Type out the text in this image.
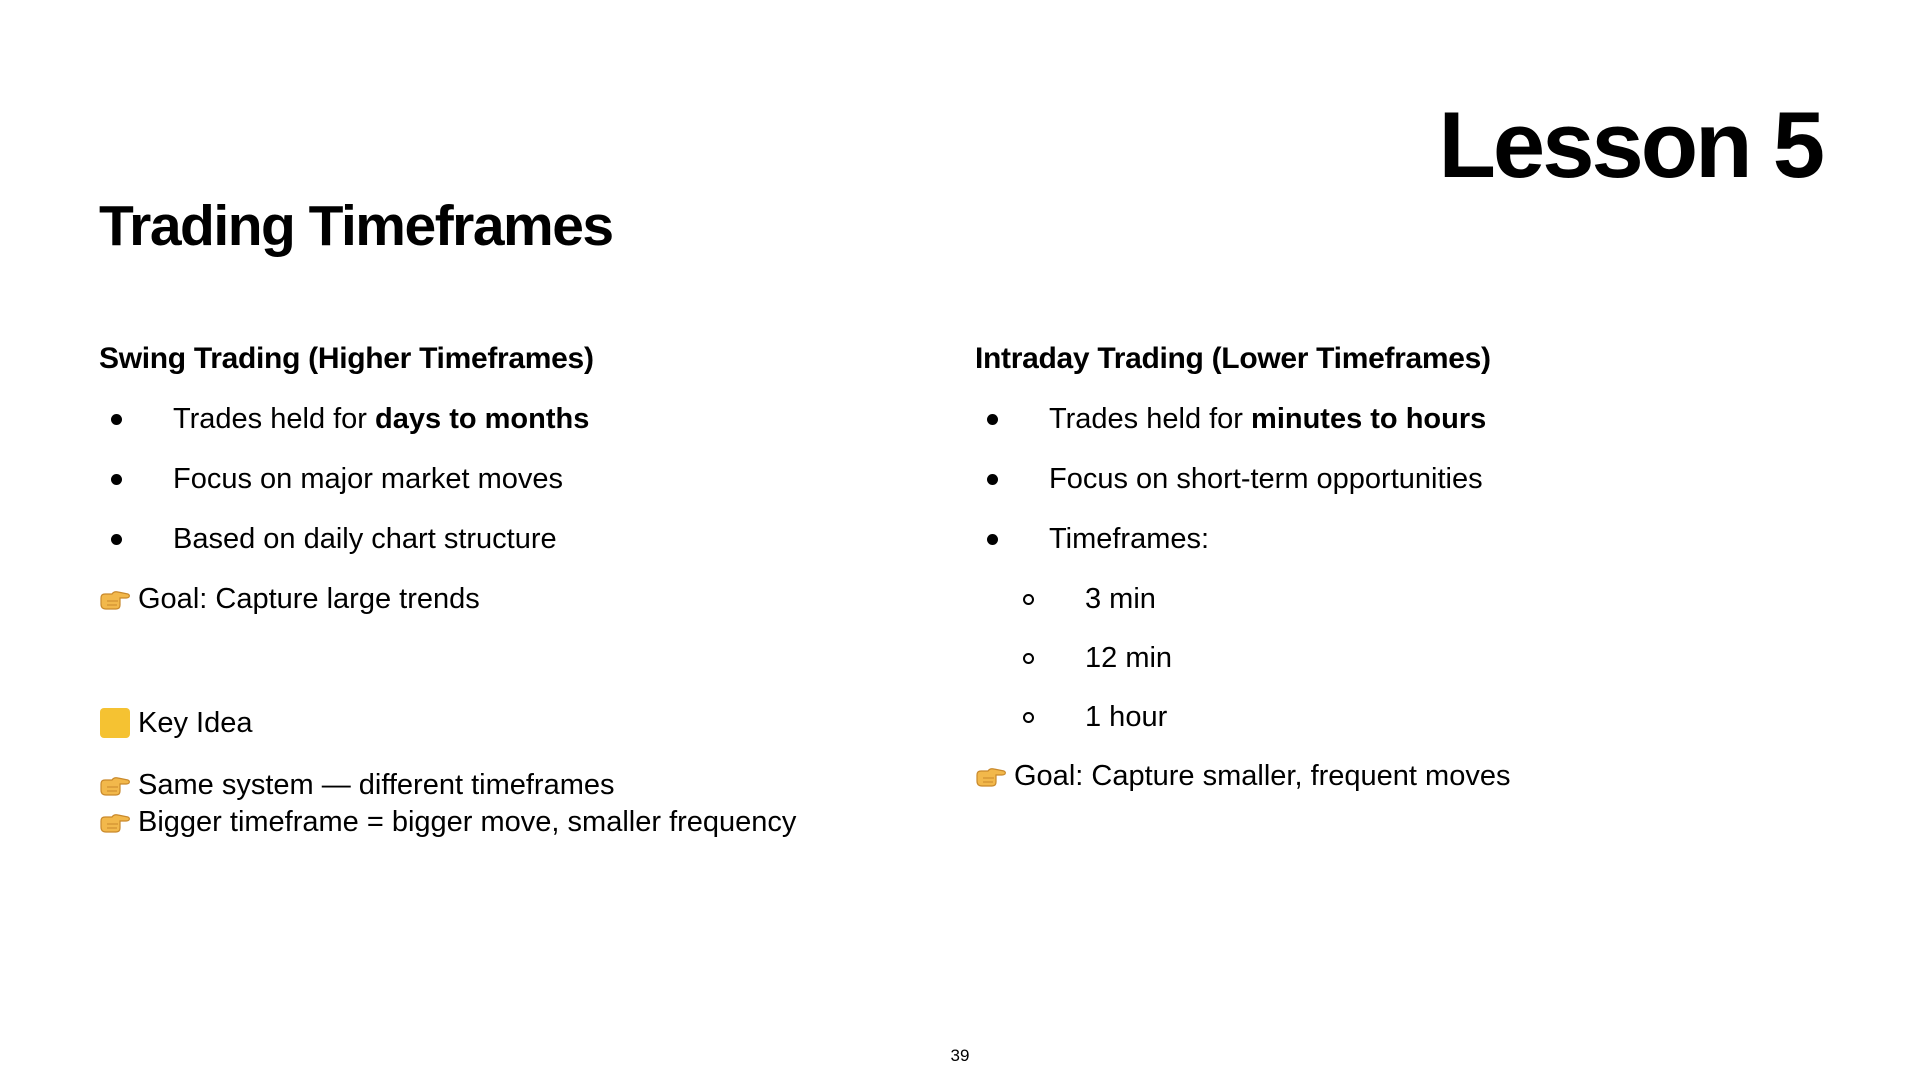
Lesson 5
Trading Timeframes
Swing Trading (Higher Timeframes)
Trades held for days to months
Focus on major market moves
Based on daily chart structure
Goal: Capture large trends
Key Idea
Same system — different timeframes
Bigger timeframe = bigger move, smaller frequency
Intraday Trading (Lower Timeframes)
Trades held for minutes to hours
Focus on short-term opportunities
Timeframes:
3 min
12 min
1 hour
Goal: Capture smaller, frequent moves
39
